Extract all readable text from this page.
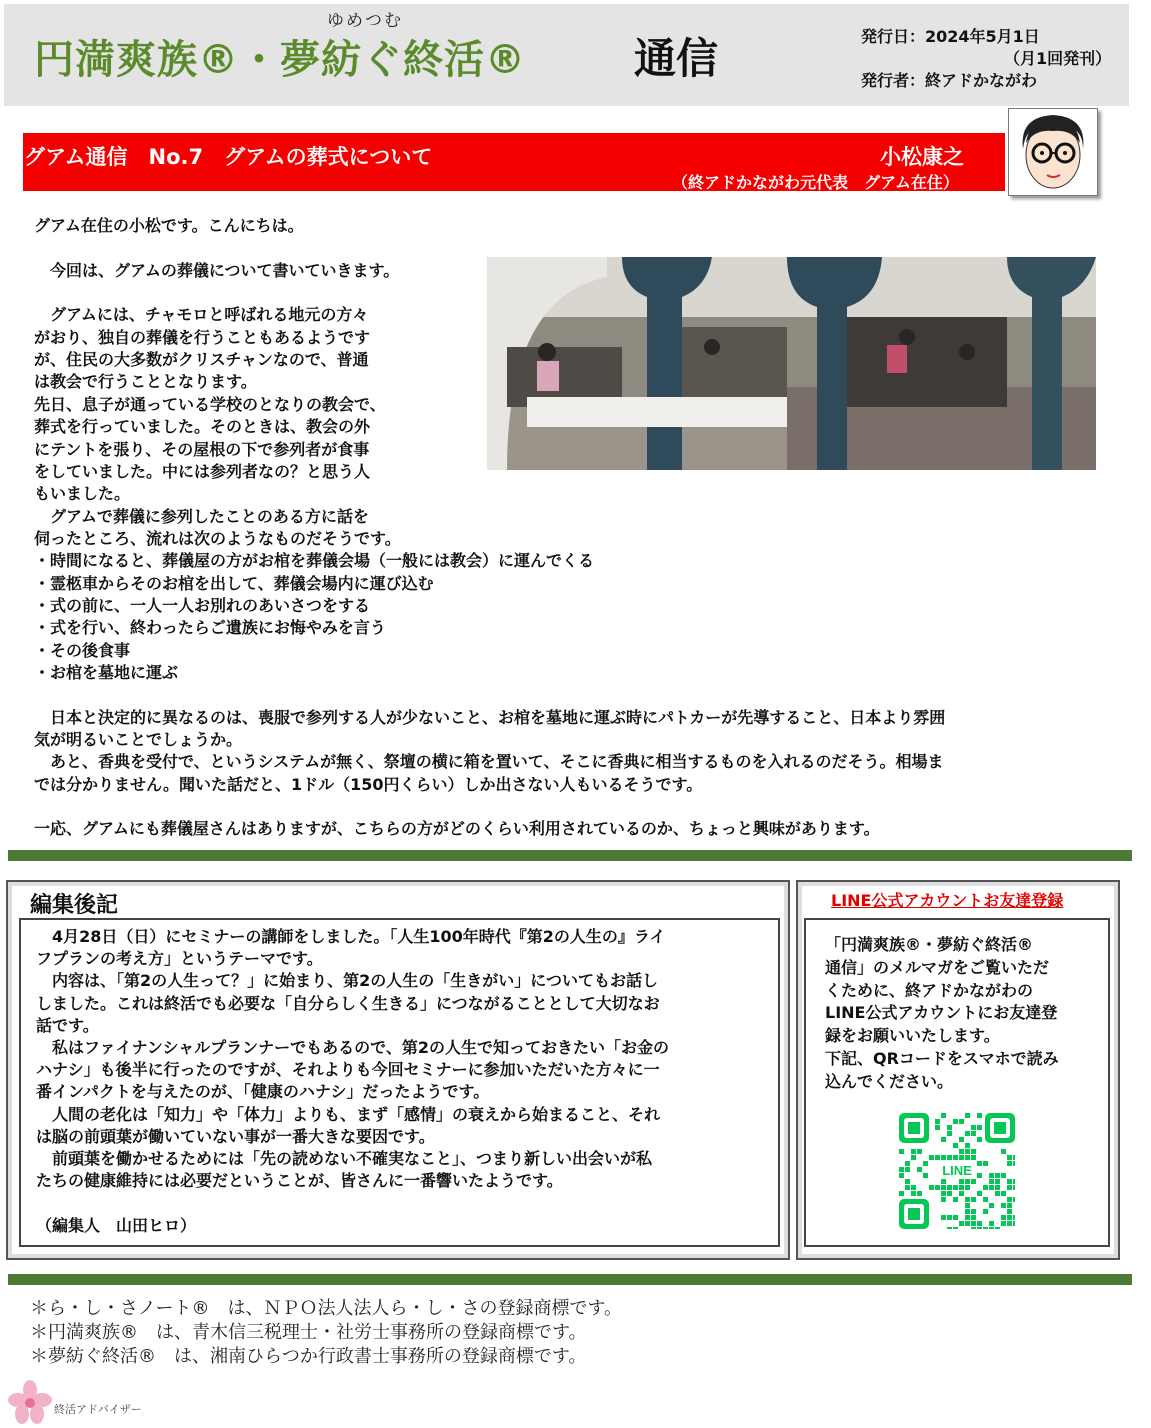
ゆめつむ
円満爽族®・夢紡ぐ終活®	通信	発行日：2024年5月1日
（月1回発刊）
発行者：終アドかながわ
グアム通信　No.7　グアムの葬式について	小松康之
（終アドかながわ元代表　グアム在住）
グアム在住の小松です。こんにちは。
　今回は、グアムの葬儀について書いていきます。
　グアムには、チャモロと呼ばれる地元の方々
がおり、独自の葬儀を行うこともあるようです
が、住民の大多数がクリスチャンなので、普通
は教会で行うこととなります。
先日、息子が通っている学校のとなりの教会で、
葬式を行っていました。そのときは、教会の外
にテントを張り、その屋根の下で参列者が食事
をしていました。中には参列者なの？と思う人
もいました。
　グアムで葬儀に参列したことのある方に話を
伺ったところ、流れは次のようなものだそうです。
・時間になると、葬儀屋の方がお棺を葬儀会場（一般には教会）に運んでくる
・霊柩車からそのお棺を出して、葬儀会場内に運び込む
・式の前に、一人一人お別れのあいさつをする
・式を行い、終わったらご遺族にお悔やみを言う
・その後食事
・お棺を墓地に運ぶ
　日本と決定的に異なるのは、喪服で参列する人が少ないこと、お棺を墓地に運ぶ時にパトカーが先導すること、日本より雰囲
気が明るいことでしょうか。
　あと、香典を受付で、というシステムが無く、祭壇の横に箱を置いて、そこに香典に相当するものを入れるのだそう。相場ま
では分かりません。聞いた話だと、1ドル（150円くらい）しか出さない人もいるそうです。
一応、グアムにも葬儀屋さんはありますが、こちらの方がどのくらい利用されているのか、ちょっと興味があります。
編集後記
　4月28日（日）にセミナーの講師をしました。「人生100年時代『第2の人生の』ライ
フプランの考え方」というテーマです。
　内容は、「第2の人生って？」に始まり、第2の人生の「生きがい」についてもお話し
しました。これは終活でも必要な「自分らしく生きる」につながることとして大切なお
話です。
　私はファイナンシャルプランナーでもあるので、第2の人生で知っておきたい「お金の
ハナシ」も後半に行ったのですが、それよりも今回セミナーに参加いただいた方々に一
番インパクトを与えたのが、「健康のハナシ」だったようです。
　人間の老化は「知力」や「体力」よりも、まず「感情」の衰えから始まること、それ
は脳の前頭葉が働いていない事が一番大きな要因です。
　前頭葉を働かせるためには「先の読めない不確実なこと」、つまり新しい出会いが私
たちの健康維持には必要だということが、皆さんに一番響いたようです。
（編集人　山田ヒロ）
LINE公式アカウントお友達登録
「円満爽族®・夢紡ぐ終活®
通信」のメルマガをご覧いただ
くために、終アドかながわの
LINE公式アカウントにお友達登
録をお願いいたします。
下記、QRコードをスマホで読み
込んでください。
LINE
＊ら・し・さノート®　は、ＮＰＯ法人法人ら・し・さの登録商標です。
＊円満爽族®　は、青木信三税理士・社労士事務所の登録商標です。
＊夢紡ぐ終活®　は、湘南ひらつか行政書士事務所の登録商標です。
終活アドバイザー
